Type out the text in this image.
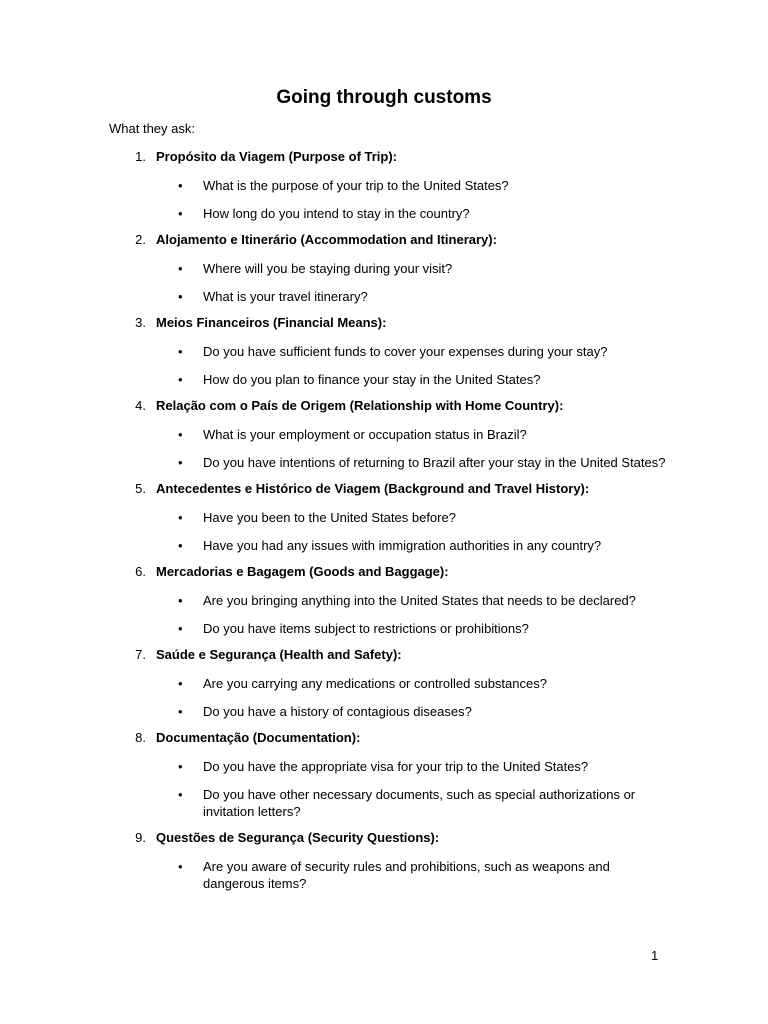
Going through customs

What they ask:

1. Propósito da Viagem (Purpose of Trip):
• What is the purpose of your trip to the United States?
• How long do you intend to stay in the country?
2. Alojamento e Itinerário (Accommodation and Itinerary):
• Where will you be staying during your visit?
• What is your travel itinerary?
3. Meios Financeiros (Financial Means):
• Do you have sufficient funds to cover your expenses during your stay?
• How do you plan to finance your stay in the United States?
4. Relação com o País de Origem (Relationship with Home Country):
• What is your employment or occupation status in Brazil?
• Do you have intentions of returning to Brazil after your stay in the United States?
5. Antecedentes e Histórico de Viagem (Background and Travel History):
• Have you been to the United States before?
• Have you had any issues with immigration authorities in any country?
6. Mercadorias e Bagagem (Goods and Baggage):
• Are you bringing anything into the United States that needs to be declared?
• Do you have items subject to restrictions or prohibitions?
7. Saúde e Segurança (Health and Safety):
• Are you carrying any medications or controlled substances?
• Do you have a history of contagious diseases?
8. Documentação (Documentation):
• Do you have the appropriate visa for your trip to the United States?
• Do you have other necessary documents, such as special authorizations or invitation letters?
9. Questões de Segurança (Security Questions):
• Are you aware of security rules and prohibitions, such as weapons and dangerous items?
1
